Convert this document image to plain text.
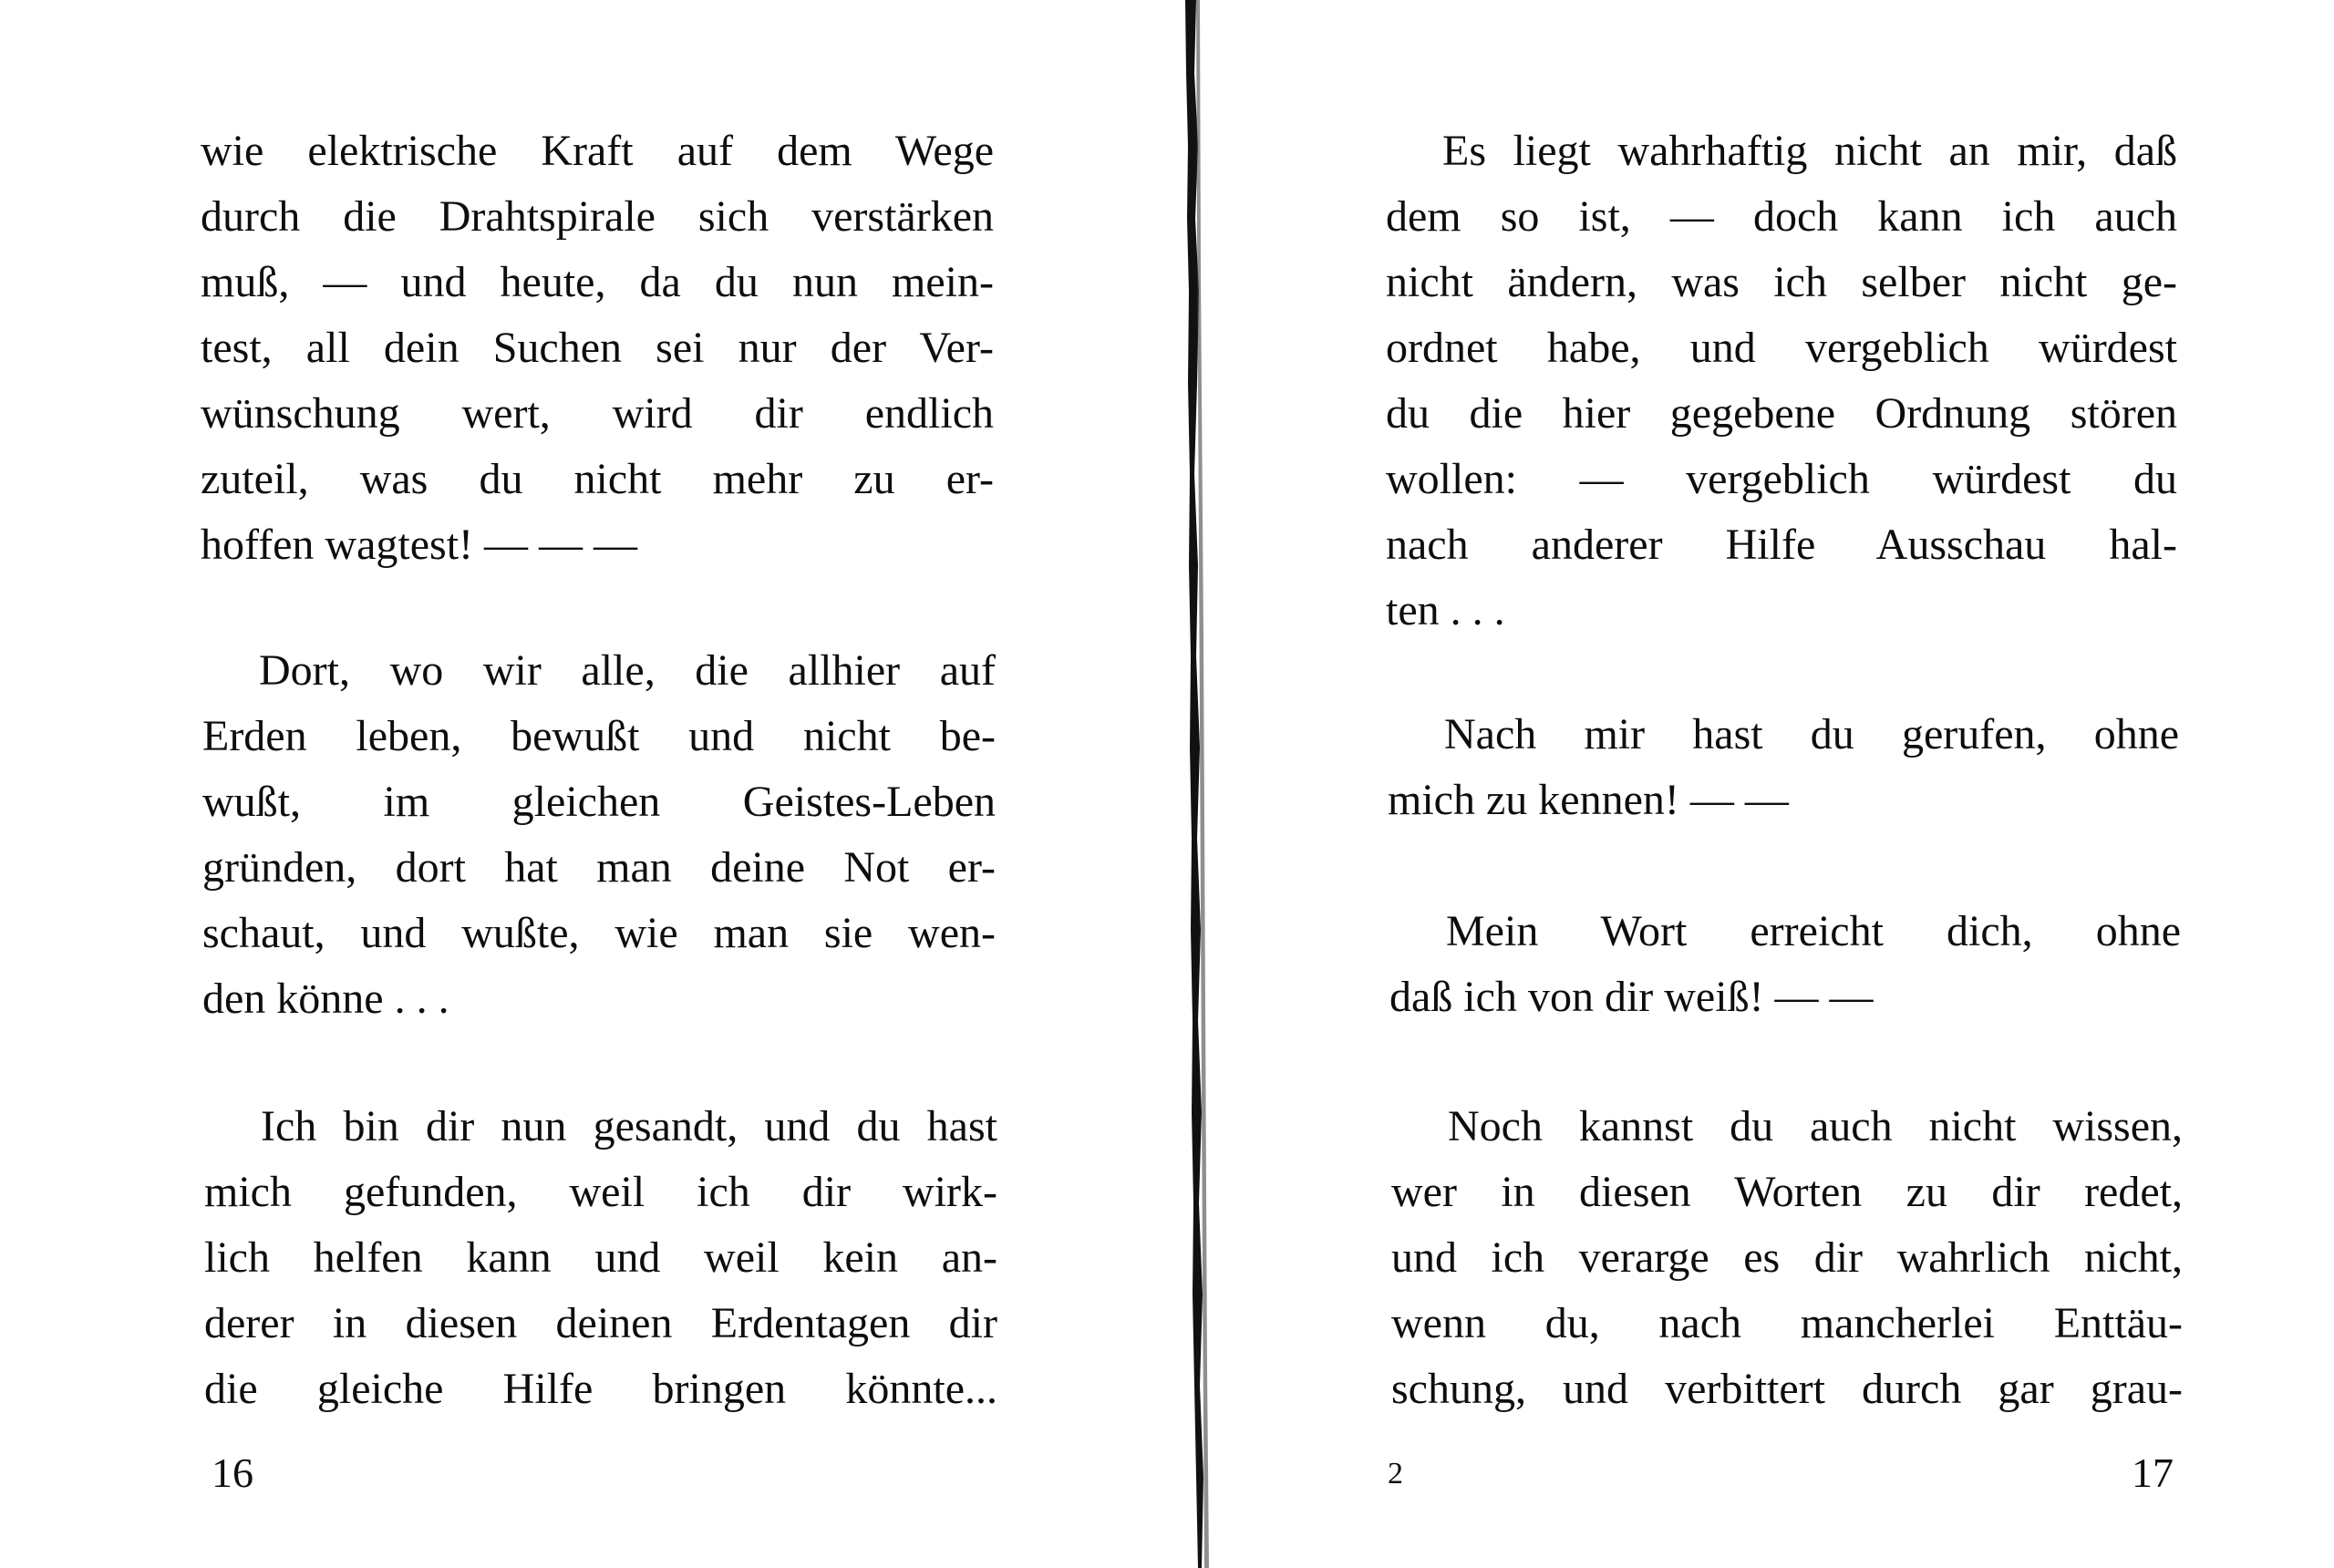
wie elektrische Kraft auf dem Wege
durch die Drahtspirale sich verstärken
muß, — und heute, da du nun mein-
test, all dein Suchen sei nur der Ver-
wünschung wert, wird dir endlich
zuteil, was du nicht mehr zu er-
hoffen wagtest! — — —
Dort, wo wir alle, die allhier auf
Erden leben, bewußt und nicht be-
wußt, im gleichen Geistes-Leben
gründen, dort hat man deine Not er-
schaut, und wußte, wie man sie wen-
den könne . . .
Ich bin dir nun gesandt, und du hast
mich gefunden, weil ich dir wirk-
lich helfen kann und weil kein an-
derer in diesen deinen Erdentagen dir
die gleiche Hilfe bringen könnte...
16
Es liegt wahrhaftig nicht an mir, daß
dem so ist, — doch kann ich auch
nicht ändern, was ich selber nicht ge-
ordnet habe, und vergeblich würdest
du die hier gegebene Ordnung stören
wollen: — vergeblich würdest du
nach anderer Hilfe Ausschau hal-
ten . . .
Nach mir hast du gerufen, ohne
mich zu kennen! — —
Mein Wort erreicht dich, ohne
daß ich von dir weiß! — —
Noch kannst du auch nicht wissen,
wer in diesen Worten zu dir redet,
und ich verarge es dir wahrlich nicht,
wenn du, nach mancherlei Enttäu-
schung, und verbittert durch gar grau-
2	17
